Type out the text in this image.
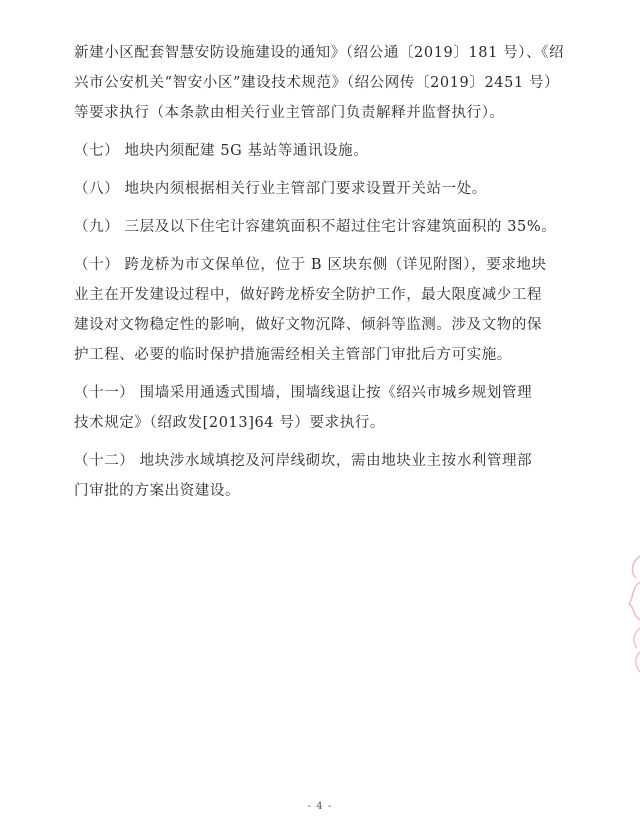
新建小区配套智慧安防设施建设的通知》（绍公通〔2019〕181 号）、《绍
兴市公安机关“智安小区”建设技术规范》（绍公网传〔2019〕2451 号）
等要求执行（本条款由相关行业主管部门负责解释并监督执行）。
（七） 地块内须配建 5G 基站等通讯设施。
（八） 地块内须根据相关行业主管部门要求设置开关站一处。
（九） 三层及以下住宅计容建筑面积不超过住宅计容建筑面积的 35%。
（十） 跨龙桥为市文保单位，位于 B 区块东侧（详见附图），要求地块
业主在开发建设过程中，做好跨龙桥安全防护工作，最大限度减少工程
建设对文物稳定性的影响，做好文物沉降、倾斜等监测。涉及文物的保
护工程、必要的临时保护措施需经相关主管部门审批后方可实施。
（十一） 围墙采用通透式围墙，围墙线退让按《绍兴市城乡规划管理
技术规定》（绍政发[2013]64 号）要求执行。
（十二） 地块涉水域填挖及河岸线砌坎，需由地块业主按水利管理部
门审批的方案出资建设。
- 4 -
